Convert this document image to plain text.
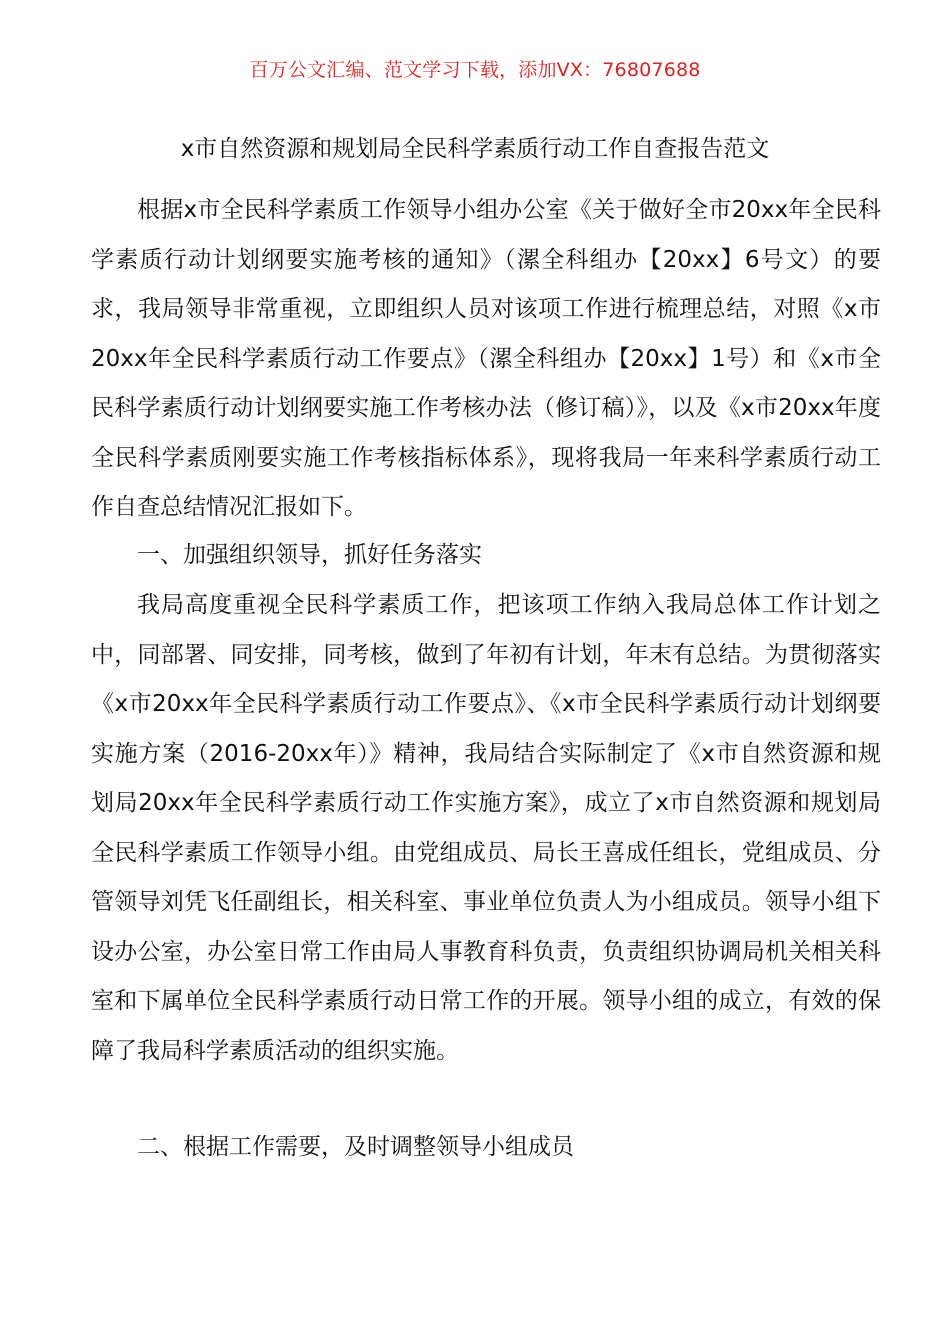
百万公文汇编、范文学习下载，添加VX：76807688
x市自然资源和规划局全民科学素质行动工作自查报告范文

根据x市全民科学素质工作领导小组办公室《关于做好全市20xx年全民科学素质行动计划纲要实施考核的通知》（漯全科组办【20xx】6号文）的要求，我局领导非常重视，立即组织人员对该项工作进行梳理总结，对照《x市20xx年全民科学素质行动工作要点》（漯全科组办【20xx】1号）和《x市全民科学素质行动计划纲要实施工作考核办法（修订稿）》，以及《x市20xx年度全民科学素质刚要实施工作考核指标体系》，现将我局一年来科学素质行动工作自查总结情况汇报如下。

一、加强组织领导，抓好任务落实

我局高度重视全民科学素质工作，把该项工作纳入我局总体工作计划之中，同部署、同安排，同考核，做到了年初有计划，年末有总结。为贯彻落实《x市20xx年全民科学素质行动工作要点》、《x市全民科学素质行动计划纲要实施方案（2016-20xx年）》精神，我局结合实际制定了《x市自然资源和规划局20xx年全民科学素质行动工作实施方案》，成立了x市自然资源和规划局全民科学素质工作领导小组。由党组成员、局长王喜成任组长，党组成员、分管领导刘凭飞任副组长，相关科室、事业单位负责人为小组成员。领导小组下设办公室，办公室日常工作由局人事教育科负责，负责组织协调局机关相关科室和下属单位全民科学素质行动日常工作的开展。领导小组的成立，有效的保障了我局科学素质活动的组织实施。

二、根据工作需要，及时调整领导小组成员
